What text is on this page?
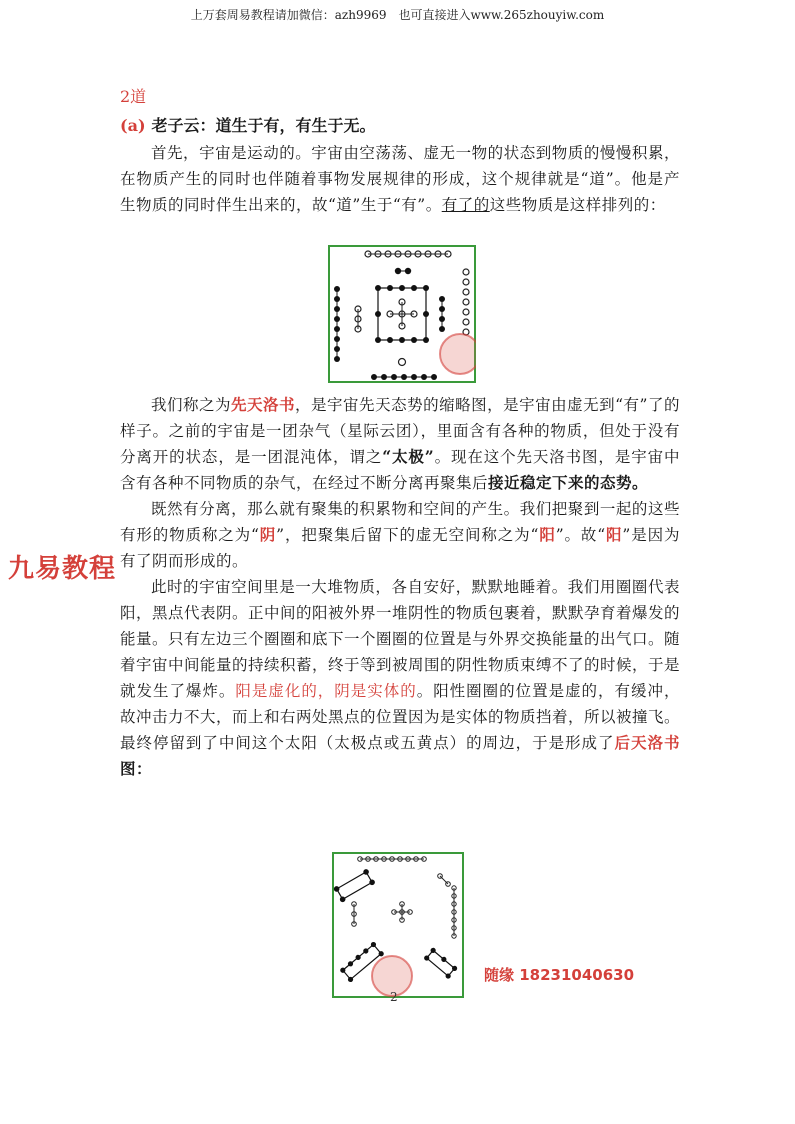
上万套周易教程请加微信：azh9969　也可直接进入www.265zhouyiw.com
2道
(a) 老子云：道生于有，有生于无。

首先，宇宙是运动的。宇宙由空荡荡、虚无一物的状态到物质的慢慢积累，在物质产生的同时也伴随着事物发展规律的形成，这个规律就是“道”。他是产生物质的同时伴生出来的，故“道”生于“有”。有了的这些物质是这样排列的：

我们称之为先天洛书，是宇宙先天态势的缩略图，是宇宙由虚无到“有”了的样子。之前的宇宙是一团杂气（星际云团），里面含有各种的物质，但处于没有分离开的状态，是一团混沌体，谓之“太极”。现在这个先天洛书图，是宇宙中含有各种不同物质的杂气，在经过不断分离再聚集后接近稳定下来的态势。

既然有分离，那么就有聚集的积累物和空间的产生。我们把聚到一起的这些有形的物质称之为“阴”，把聚集后留下的虚无空间称之为“阳”。故“阳”是因为有了阴而形成的。

此时的宇宙空间里是一大堆物质，各自安好，默默地睡着。我们用圈圈代表阳，黑点代表阴。正中间的阳被外界一堆阴性的物质包裹着，默默孕育着爆发的能量。只有左边三个圈圈和底下一个圈圈的位置是与外界交换能量的出气口。随着宇宙中间能量的持续积蓄，终于等到被周围的阴性物质束缚不了的时候，于是就发生了爆炸。阳是虚化的，阴是实体的。阳性圈圈的位置是虚的，有缓冲，故冲击力不大，而上和右两处黑点的位置因为是实体的物质挡着，所以被撞飞。最终停留到了中间这个太阳（太极点或五黄点）的周边，于是形成了后天洛书图：

九易教程
随缘 18231040630
2
